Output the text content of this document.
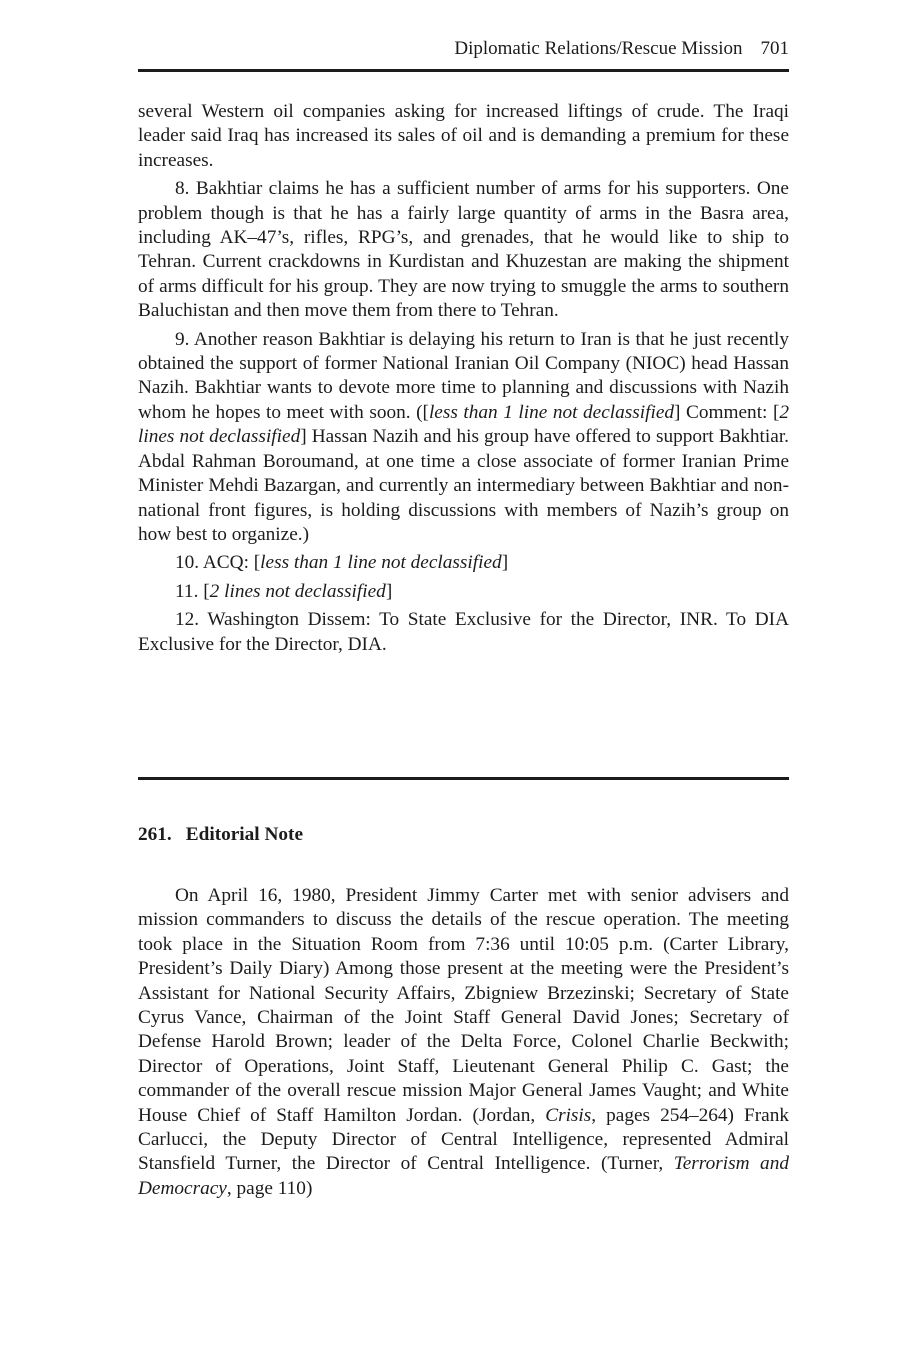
Diplomatic Relations/Rescue Mission 701

several Western oil companies asking for increased liftings of crude. The Iraqi leader said Iraq has increased its sales of oil and is demanding a premium for these increases.

8. Bakhtiar claims he has a sufficient number of arms for his supporters. One problem though is that he has a fairly large quantity of arms in the Basra area, including AK–47’s, rifles, RPG’s, and grenades, that he would like to ship to Tehran. Current crackdowns in Kurdistan and Khuzestan are making the shipment of arms difficult for his group. They are now trying to smuggle the arms to southern Baluchistan and then move them from there to Tehran.

9. Another reason Bakhtiar is delaying his return to Iran is that he just recently obtained the support of former National Iranian Oil Company (NIOC) head Hassan Nazih. Bakhtiar wants to devote more time to planning and discussions with Nazih whom he hopes to meet with soon. ([less than 1 line not declassified] Comment: [2 lines not declassified] Hassan Nazih and his group have offered to support Bakhtiar. Abdal Rahman Boroumand, at one time a close associate of former Iranian Prime Minister Mehdi Bazargan, and currently an intermediary between Bakhtiar and non-national front figures, is holding discussions with members of Nazih’s group on how best to organize.)

10. ACQ: [less than 1 line not declassified]

11. [2 lines not declassified]

12. Washington Dissem: To State Exclusive for the Director, INR. To DIA Exclusive for the Director, DIA.

261. Editorial Note

On April 16, 1980, President Jimmy Carter met with senior advisers and mission commanders to discuss the details of the rescue operation. The meeting took place in the Situation Room from 7:36 until 10:05 p.m. (Carter Library, President’s Daily Diary) Among those present at the meeting were the President’s Assistant for National Security Affairs, Zbigniew Brzezinski; Secretary of State Cyrus Vance, Chairman of the Joint Staff General David Jones; Secretary of Defense Harold Brown; leader of the Delta Force, Colonel Charlie Beckwith; Director of Operations, Joint Staff, Lieutenant General Philip C. Gast; the commander of the overall rescue mission Major General James Vaught; and White House Chief of Staff Hamilton Jordan. (Jordan, Crisis, pages 254–264) Frank Carlucci, the Deputy Director of Central Intelligence, represented Admiral Stansfield Turner, the Director of Central Intelligence. (Turner, Terrorism and Democracy, page 110)
